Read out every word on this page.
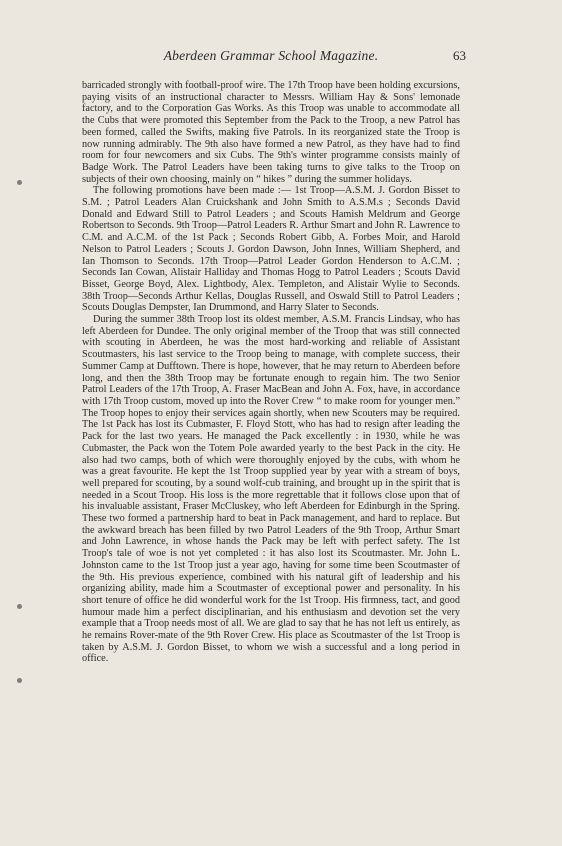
Aberdeen Grammar School Magazine.	63

barricaded strongly with football-proof wire. The 17th Troop have been holding excursions, paying visits of an instructional character to Messrs. William Hay & Sons' lemonade factory, and to the Corporation Gas Works. As this Troop was unable to accommodate all the Cubs that were promoted this September from the Pack to the Troop, a new Patrol has been formed, called the Swifts, making five Patrols. In its reorganized state the Troop is now running admirably. The 9th also have formed a new Patrol, as they have had to find room for four newcomers and six Cubs. The 9th's winter programme consists mainly of Badge Work. The Patrol Leaders have been taking turns to give talks to the Troop on subjects of their own choosing, mainly on “ hikes ” during the summer holidays.

The following promotions have been made :— 1st Troop—A.S.M. J. Gordon Bisset to S.M. ; Patrol Leaders Alan Cruickshank and John Smith to A.S.M.s ; Seconds David Donald and Edward Still to Patrol Leaders ; and Scouts Hamish Meldrum and George Robertson to Seconds. 9th Troop—Patrol Leaders R. Arthur Smart and John R. Lawrence to C.M. and A.C.M. of the 1st Pack ; Seconds Robert Gibb, A. Forbes Moir, and Harold Nelson to Patrol Leaders ; Scouts J. Gordon Dawson, John Innes, William Shepherd, and Ian Thomson to Seconds. 17th Troop—Patrol Leader Gordon Henderson to A.C.M. ; Seconds Ian Cowan, Alistair Halliday and Thomas Hogg to Patrol Leaders ; Scouts David Bisset, George Boyd, Alex. Lightbody, Alex. Templeton, and Alistair Wylie to Seconds. 38th Troop—Seconds Arthur Kellas, Douglas Russell, and Oswald Still to Patrol Leaders ; Scouts Douglas Dempster, Ian Drummond, and Harry Slater to Seconds.

During the summer 38th Troop lost its oldest member, A.S.M. Francis Lindsay, who has left Aberdeen for Dundee. The only original member of the Troop that was still connected with scouting in Aberdeen, he was the most hard-working and reliable of Assistant Scoutmasters, his last service to the Troop being to manage, with complete success, their Summer Camp at Dufftown. There is hope, however, that he may return to Aberdeen before long, and then the 38th Troop may be fortunate enough to regain him. The two Senior Patrol Leaders of the 17th Troop, A. Fraser MacBean and John A. Fox, have, in accordance with 17th Troop custom, moved up into the Rover Crew “ to make room for younger men.” The Troop hopes to enjoy their services again shortly, when new Scouters may be required. The 1st Pack has lost its Cubmaster, F. Floyd Stott, who has had to resign after leading the Pack for the last two years. He managed the Pack excellently : in 1930, while he was Cubmaster, the Pack won the Totem Pole awarded yearly to the best Pack in the city. He also had two camps, both of which were thoroughly enjoyed by the cubs, with whom he was a great favourite. He kept the 1st Troop supplied year by year with a stream of boys, well prepared for scouting, by a sound wolf-cub training, and brought up in the spirit that is needed in a Scout Troop. His loss is the more regrettable that it follows close upon that of his invaluable assistant, Fraser McCluskey, who left Aberdeen for Edinburgh in the Spring. These two formed a partnership hard to beat in Pack management, and hard to replace. But the awkward breach has been filled by two Patrol Leaders of the 9th Troop, Arthur Smart and John Lawrence, in whose hands the Pack may be left with perfect safety. The 1st Troop's tale of woe is not yet completed : it has also lost its Scoutmaster. Mr. John L. Johnston came to the 1st Troop just a year ago, having for some time been Scoutmaster of the 9th. His previous experience, combined with his natural gift of leadership and his organizing ability, made him a Scoutmaster of exceptional power and personality. In his short tenure of office he did wonderful work for the 1st Troop. His firmness, tact, and good humour made him a perfect disciplinarian, and his enthusiasm and devotion set the very example that a Troop needs most of all. We are glad to say that he has not left us entirely, as he remains Rover-mate of the 9th Rover Crew. His place as Scoutmaster of the 1st Troop is taken by A.S.M. J. Gordon Bisset, to whom we wish a successful and a long period in office.
